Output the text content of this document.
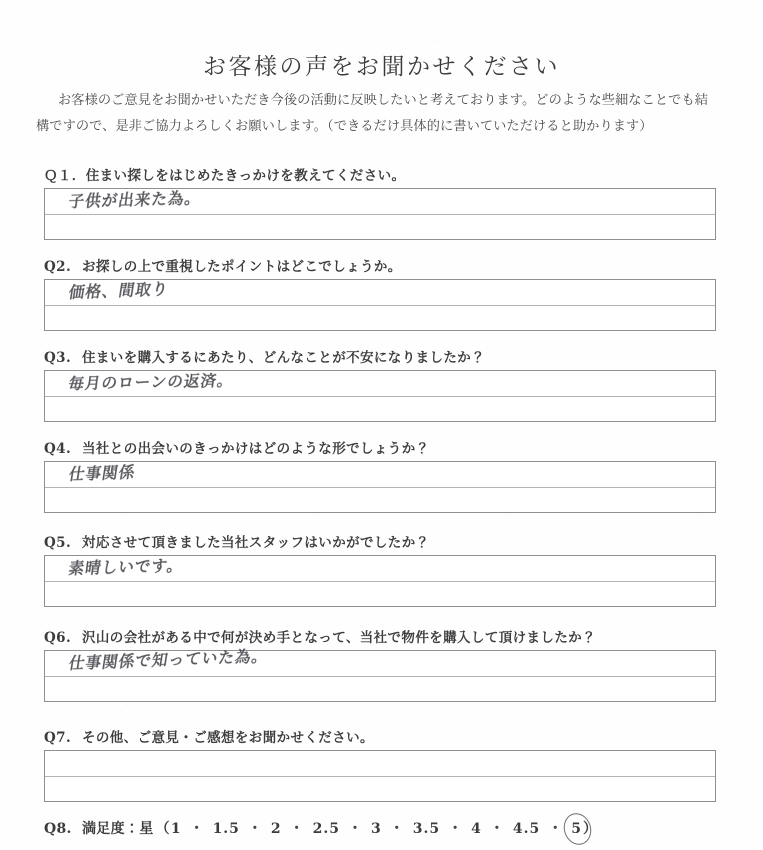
お客様の声をお聞かせください
お客様のご意見をお聞かせいただき今後の活動に反映したいと考えております。どのような些細なことでも結
構ですので、是非ご協力よろしくお願いします。（できるだけ具体的に書いていただけると助かります）
Ｑ１．住まい探しをはじめたきっかけを教えてください。
子供が出来た為。
Q2. お探しの上で重視したポイントはどこでしょうか。
価格、間取り
Q3. 住まいを購入するにあたり、どんなことが不安になりましたか？
毎月のローンの返済。
Q4. 当社との出会いのきっかけはどのような形でしょうか？
仕事関係
Q5. 対応させて頂きました当社スタッフはいかがでしたか？
素晴しいです。
Q6. 沢山の会社がある中で何が決め手となって、当社で物件を購入して頂けましたか？
仕事関係で知っていた為。
Q7. その他、ご意見・ご感想をお聞かせください。
Q8. 満足度：星 （1 ・ 1.5 ・ 2 ・ 2.5 ・ 3 ・ 3.5 ・ 4 ・ 4.5 ・ 5）
